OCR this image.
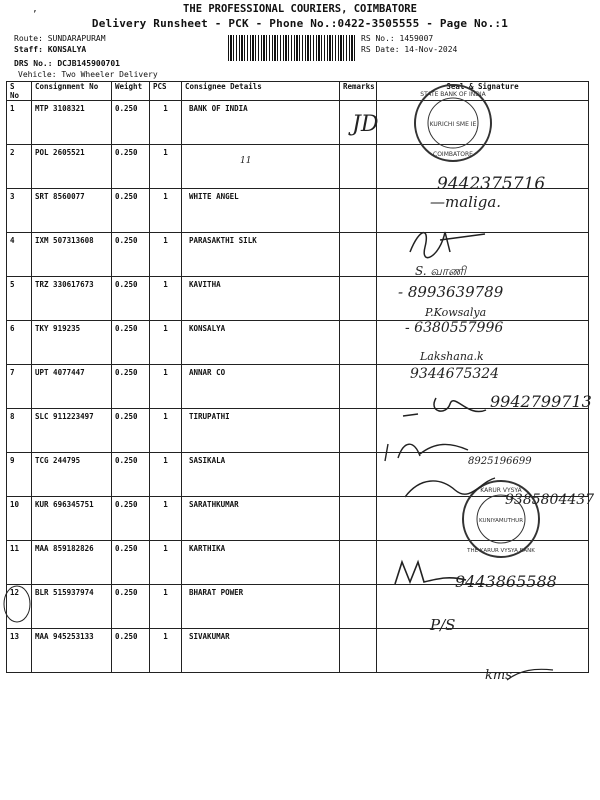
’	THE PROFESSIONAL COURIERS, COIMBATORE
Delivery Runsheet - PCK - Phone No.:0422-3505555 - Page No.:1
Route: SUNDARAPURAM
Staff: KONSALYA
DRS No.: DCJB145900701
Vehicle: Two Wheeler Delivery
RS No.: 1459007
RS Date: 14-Nov-2024
S No	Consignment No	Weight	PCS	Consignee Details	Remarks	Seal & Signature
1	MTP 3108321	0.250	1	BANK OF INDIA		
2	POL 2605521	0.250	1			
3	SRT 8560077	0.250	1	WHITE ANGEL		
4	IXM 507313608	0.250	1	PARASAKTHI SILK		
5	TRZ 330617673	0.250	1	KAVITHA		
6	TKY 919235	0.250	1	KONSALYA		
7	UPT 4077447	0.250	1	ANNAR CO		
8	SLC 911223497	0.250	1	TIRUPATHI		
9	TCG 244795	0.250	1	SASIKALA		
10	KUR 696345751	0.250	1	SARATHKUMAR		
11	MAA 859182826	0.250	1	KARTHIKA		
12	BLR 515937974	0.250	1	BHARAT POWER		
13	MAA 945253133	0.250	1	SIVAKUMAR		
STATE BANK OF INDIA
KURICHI SME IE
COIMBATORE
KARUR VYSYA
KUNIYAMUTHUR
THE KARUR VYSYA BANK
JD
11
9442375716
—maliga.
S. வாணி
- 8993639789
P.Kowsalya
- 6380557996
Lakshana.k
9344675324
9942799713
8925196699
9385804437
9443865588
P/S
kms
